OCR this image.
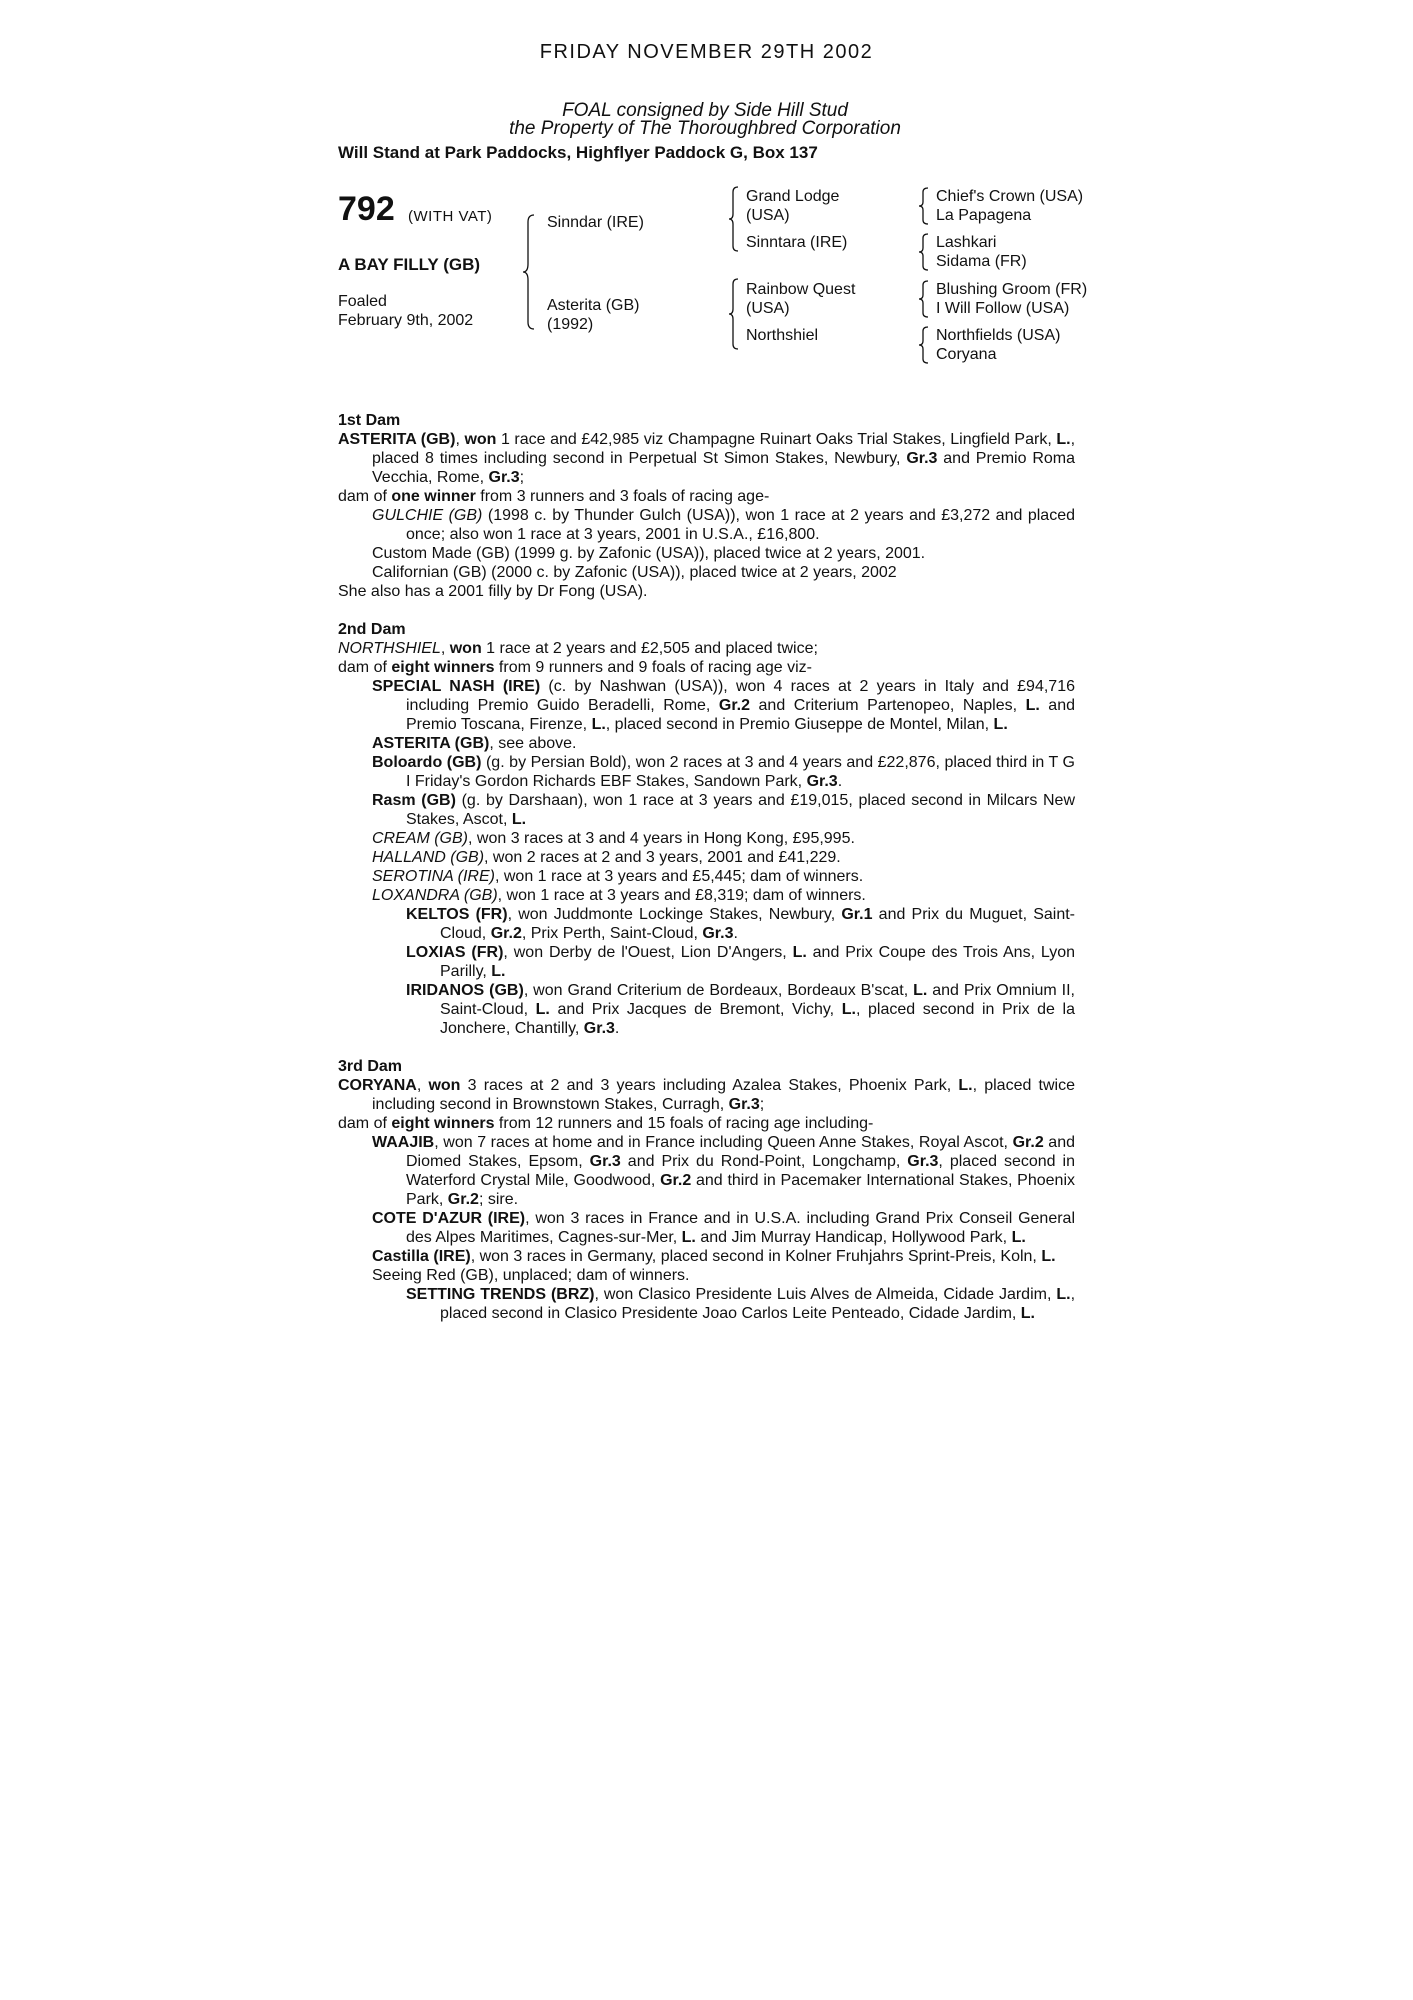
FRIDAY NOVEMBER 29TH 2002
FOAL consigned by Side Hill Stud
the Property of The Thoroughbred Corporation
Will Stand at Park Paddocks, Highflyer Paddock G, Box 137
792 (WITH VAT)
A BAY FILLY (GB)
Foaled
February 9th, 2002
Sinndar (IRE)
Asterita (GB)
(1992)
Grand Lodge
(USA)
Sinntara (IRE)
Rainbow Quest
(USA)
Northshiel
Chief's Crown (USA)
La Papagena
Lashkari
Sidama (FR)
Blushing Groom (FR)
I Will Follow (USA)
Northfields (USA)
Coryana

1st Dam

ASTERITA (GB), won 1 race and £42,985 viz Champagne Ruinart Oaks Trial Stakes, Lingfield Park, L., placed 8 times including second in Perpetual St Simon Stakes, Newbury, Gr.3 and Premio Roma Vecchia, Rome, Gr.3;

dam of one winner from 3 runners and 3 foals of racing age-

GULCHIE (GB) (1998 c. by Thunder Gulch (USA)), won 1 race at 2 years and £3,272 and placed once; also won 1 race at 3 years, 2001 in U.S.A., £16,800.

Custom Made (GB) (1999 g. by Zafonic (USA)), placed twice at 2 years, 2001.

Californian (GB) (2000 c. by Zafonic (USA)), placed twice at 2 years, 2002

She also has a 2001 filly by Dr Fong (USA).

2nd Dam

NORTHSHIEL, won 1 race at 2 years and £2,505 and placed twice;

dam of eight winners from 9 runners and 9 foals of racing age viz-

SPECIAL NASH (IRE) (c. by Nashwan (USA)), won 4 races at 2 years in Italy and £94,716 including Premio Guido Beradelli, Rome, Gr.2 and Criterium Partenopeo, Naples, L. and Premio Toscana, Firenze, L., placed second in Premio Giuseppe de Montel, Milan, L.

ASTERITA (GB), see above.

Boloardo (GB) (g. by Persian Bold), won 2 races at 3 and 4 years and £22,876, placed third in T G I Friday's Gordon Richards EBF Stakes, Sandown Park, Gr.3.

Rasm (GB) (g. by Darshaan), won 1 race at 3 years and £19,015, placed second in Milcars New Stakes, Ascot, L.

CREAM (GB), won 3 races at 3 and 4 years in Hong Kong, £95,995.

HALLAND (GB), won 2 races at 2 and 3 years, 2001 and £41,229.

SEROTINA (IRE), won 1 race at 3 years and £5,445; dam of winners.

LOXANDRA (GB), won 1 race at 3 years and £8,319; dam of winners.

KELTOS (FR), won Juddmonte Lockinge Stakes, Newbury, Gr.1 and Prix du Muguet, Saint-Cloud, Gr.2, Prix Perth, Saint-Cloud, Gr.3.

LOXIAS (FR), won Derby de l'Ouest, Lion D'Angers, L. and Prix Coupe des Trois Ans, Lyon Parilly, L.

IRIDANOS (GB), won Grand Criterium de Bordeaux, Bordeaux B'scat, L. and Prix Omnium II, Saint-Cloud, L. and Prix Jacques de Bremont, Vichy, L., placed second in Prix de la Jonchere, Chantilly, Gr.3.

3rd Dam

CORYANA, won 3 races at 2 and 3 years including Azalea Stakes, Phoenix Park, L., placed twice including second in Brownstown Stakes, Curragh, Gr.3;

dam of eight winners from 12 runners and 15 foals of racing age including-

WAAJIB, won 7 races at home and in France including Queen Anne Stakes, Royal Ascot, Gr.2 and Diomed Stakes, Epsom, Gr.3 and Prix du Rond-Point, Longchamp, Gr.3, placed second in Waterford Crystal Mile, Goodwood, Gr.2 and third in Pacemaker International Stakes, Phoenix Park, Gr.2; sire.

COTE D'AZUR (IRE), won 3 races in France and in U.S.A. including Grand Prix Conseil General des Alpes Maritimes, Cagnes-sur-Mer, L. and Jim Murray Handicap, Hollywood Park, L.

Castilla (IRE), won 3 races in Germany, placed second in Kolner Fruhjahrs Sprint-Preis, Koln, L.

Seeing Red (GB), unplaced; dam of winners.

SETTING TRENDS (BRZ), won Clasico Presidente Luis Alves de Almeida, Cidade Jardim, L., placed second in Clasico Presidente Joao Carlos Leite Penteado, Cidade Jardim, L.
